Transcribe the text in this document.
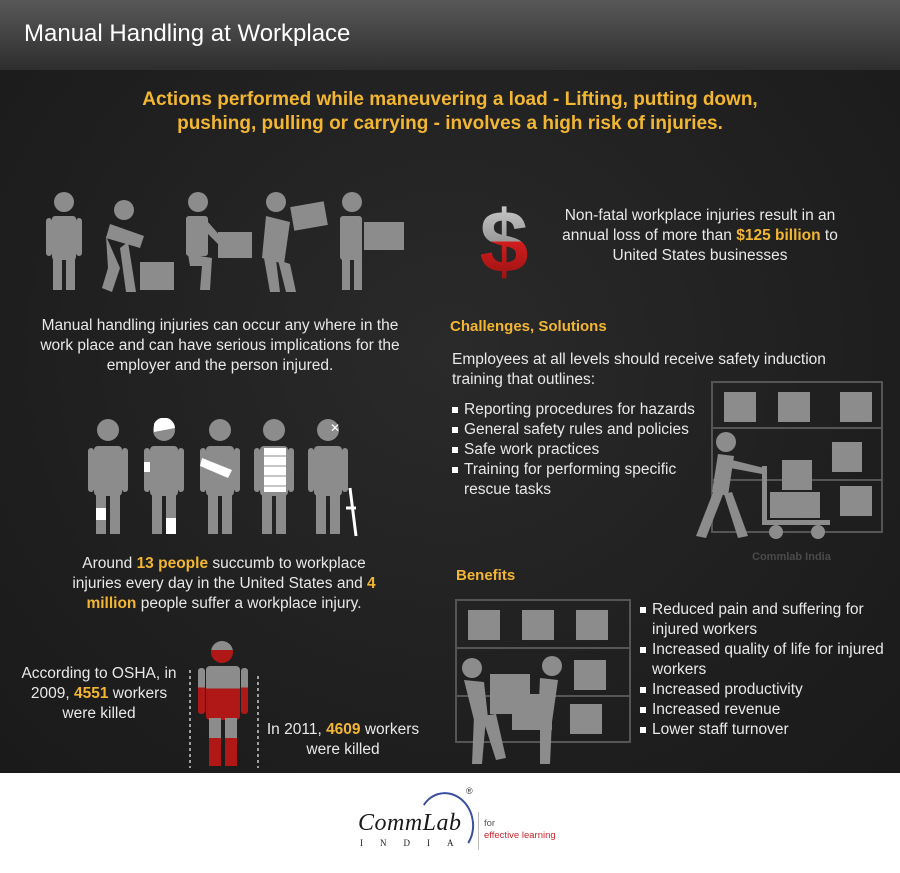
Manual Handling at Workplace
Actions performed while maneuvering a load - Lifting, putting down,
pushing, pulling or carrying - involves a high risk of injuries.
Manual handling injuries can occur any where in the work place and can have serious implications for the employer and the person injured.
$	Non-fatal workplace injuries result in an annual loss of more than $125 billion to United States businesses
Challenges, Solutions
Employees at all levels should receive safety induction training that outlines:
Reporting procedures for hazards
General safety rules and policies
Safe work practices
Training for performing specific rescue tasks
Commlab India
✕
Around 13 people succumb to workplace injuries every day in the United States and 4 million people suffer a workplace injury.
Benefits
Reduced pain and suffering for injured workers
Increased quality of life for injured workers
Increased productivity
Increased revenue
Lower staff turnover
According to OSHA, in 2009, 4551 workers were killed
In 2011, 4609 workers were killed
®
CommLab
INDIA
for
effective learning
